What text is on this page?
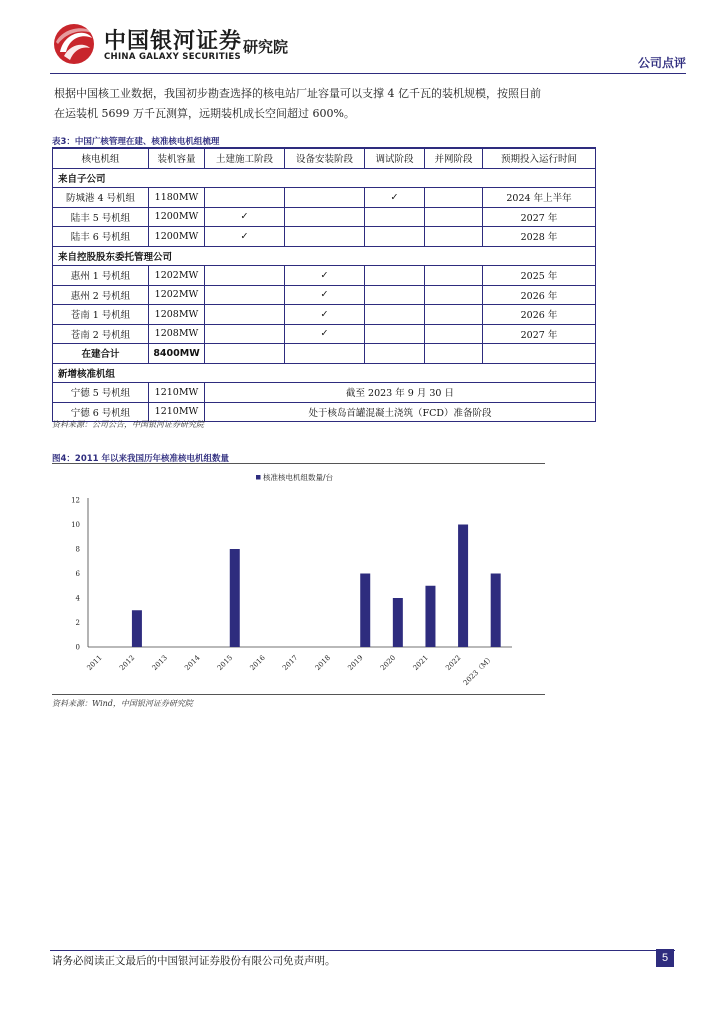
中国银河证券
CHINA GALAXY SECURITIES
研究院
公司点评

根据中国核工业数据，我国初步勘查选择的核电站厂址容量可以支撑 4 亿千瓦的装机规模，按照目前

在运装机 5699 万千瓦测算，远期装机成长空间超过 600%。

表3：中国广核管理在建、核准核电机组梳理
核电机组	装机容量	土建施工阶段	设备安装阶段	调试阶段	并网阶段	预期投入运行时间
来自子公司						
防城港 4 号机组	1180MW			✓		2024 年上半年
陆丰 5 号机组	1200MW	✓				2027 年
陆丰 6 号机组	1200MW	✓				2028 年
来自控股股东委托管理公司						
惠州 1 号机组	1202MW		✓			2025 年
惠州 2 号机组	1202MW		✓			2026 年
苍南 1 号机组	1208MW		✓			2026 年
苍南 2 号机组	1208MW		✓			2027 年
在建合计	8400MW					
新增核准机组						
宁德 5 号机组	1210MW	截至 2023 年 9 月 30 日				
宁德 6 号机组	1210MW	处于核岛首罐混凝土浇筑（FCD）准备阶段				
资料来源：公司公告，中国银河证券研究院
图4：2011 年以来我国历年核准核电机组数量
核准核电机组数量/台
0
2
4
6
8
10
12
2011 2012 2013 2014 2015 2016 2017 2018 2019 2020 2021 2022 2023（M）
资料来源：Wind，中国银河证券研究院
请务必阅读正文最后的中国银河证券股份有限公司免责声明。	5
